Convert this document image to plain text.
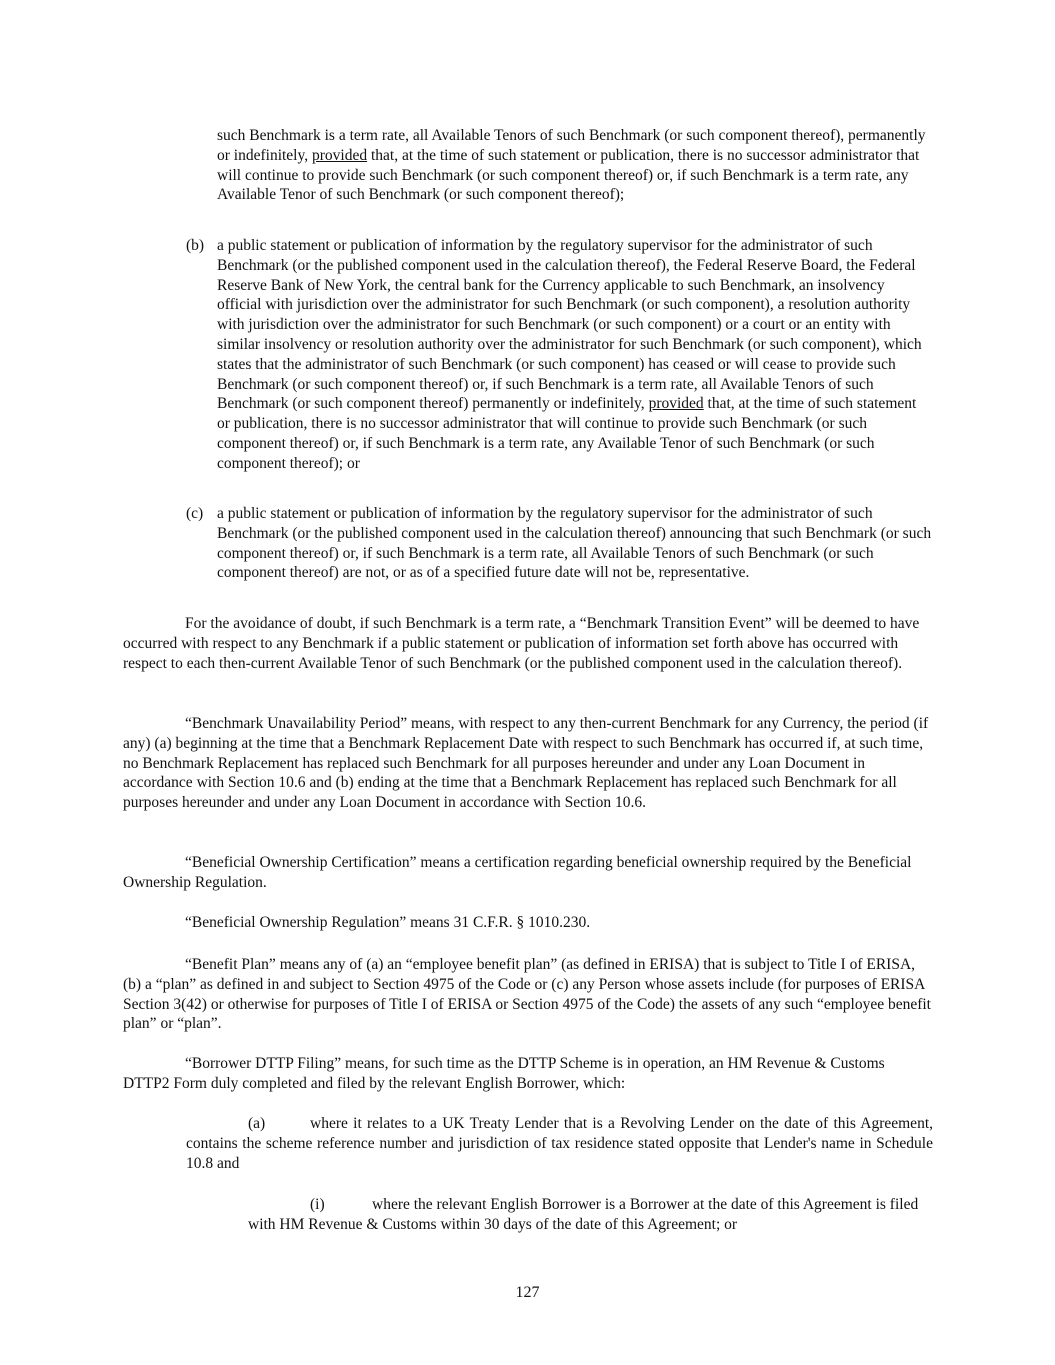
such Benchmark is a term rate, all Available Tenors of such Benchmark (or such component thereof), permanently or indefinitely, provided that, at the time of such statement or publication, there is no successor administrator that will continue to provide such Benchmark (or such component thereof) or, if such Benchmark is a term rate, any Available Tenor of such Benchmark (or such component thereof);

(b) a public statement or publication of information by the regulatory supervisor for the administrator of such Benchmark (or the published component used in the calculation thereof), the Federal Reserve Board, the Federal Reserve Bank of New York, the central bank for the Currency applicable to such Benchmark, an insolvency official with jurisdiction over the administrator for such Benchmark (or such component), a resolution authority with jurisdiction over the administrator for such Benchmark (or such component) or a court or an entity with similar insolvency or resolution authority over the administrator for such Benchmark (or such component), which states that the administrator of such Benchmark (or such component) has ceased or will cease to provide such Benchmark (or such component thereof) or, if such Benchmark is a term rate, all Available Tenors of such Benchmark (or such component thereof) permanently or indefinitely, provided that, at the time of such statement or publication, there is no successor administrator that will continue to provide such Benchmark (or such component thereof) or, if such Benchmark is a term rate, any Available Tenor of such Benchmark (or such component thereof); or
(c) a public statement or publication of information by the regulatory supervisor for the administrator of such Benchmark (or the published component used in the calculation thereof) announcing that such Benchmark (or such component thereof) or, if such Benchmark is a term rate, all Available Tenors of such Benchmark (or such component thereof) are not, or as of a specified future date will not be, representative.

For the avoidance of doubt, if such Benchmark is a term rate, a “Benchmark Transition Event” will be deemed to have occurred with respect to any Benchmark if a public statement or publication of information set forth above has occurred with respect to each then-current Available Tenor of such Benchmark (or the published component used in the calculation thereof).

“Benchmark Unavailability Period” means, with respect to any then-current Benchmark for any Currency, the period (if any) (a) beginning at the time that a Benchmark Replacement Date with respect to such Benchmark has occurred if, at such time, no Benchmark Replacement has replaced such Benchmark for all purposes hereunder and under any Loan Document in accordance with Section 10.6 and (b) ending at the time that a Benchmark Replacement has replaced such Benchmark for all purposes hereunder and under any Loan Document in accordance with Section 10.6.

“Beneficial Ownership Certification” means a certification regarding beneficial ownership required by the Beneficial Ownership Regulation.

“Beneficial Ownership Regulation” means 31 C.F.R. § 1010.230.

“Benefit Plan” means any of (a) an “employee benefit plan” (as defined in ERISA) that is subject to Title I of ERISA, (b) a “plan” as defined in and subject to Section 4975 of the Code or (c) any Person whose assets include (for purposes of ERISA Section 3(42) or otherwise for purposes of Title I of ERISA or Section 4975 of the Code) the assets of any such “employee benefit plan” or “plan”.

“Borrower DTTP Filing” means, for such time as the DTTP Scheme is in operation, an HM Revenue & Customs DTTP2 Form duly completed and filed by the relevant English Borrower, which:

(a)	where it relates to a UK Treaty Lender that is a Revolving Lender on the date of this Agreement, contains the scheme reference number and jurisdiction of tax residence stated opposite that Lender's name in Schedule 10.8 and

(i)	where the relevant English Borrower is a Borrower at the date of this Agreement is filed with HM Revenue & Customs within 30 days of the date of this Agreement; or

127
